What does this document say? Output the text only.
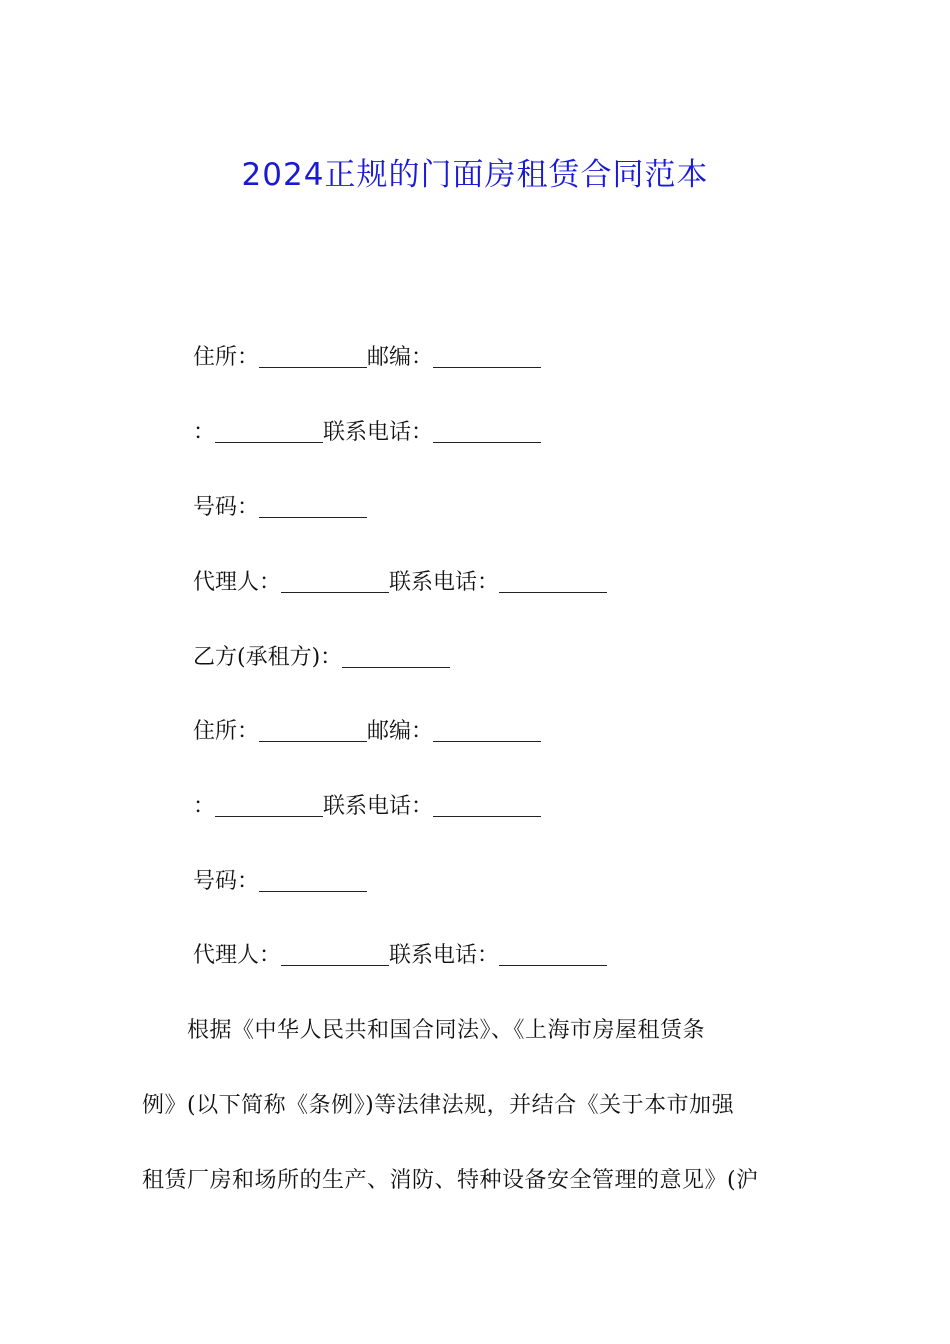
2024正规的门面房租赁合同范本
住所：	邮编：
：	联系电话：
号码：
代理人：	联系电话：
乙方(承租方)：
住所：	邮编：
：	联系电话：
号码：
代理人：	联系电话：
　　根据《中华人民共和国合同法》、《上海市房屋租赁条
例》(以下简称《条例》)等法律法规，并结合《关于本市加强
租赁厂房和场所的生产、消防、特种设备安全管理的意见》(沪
